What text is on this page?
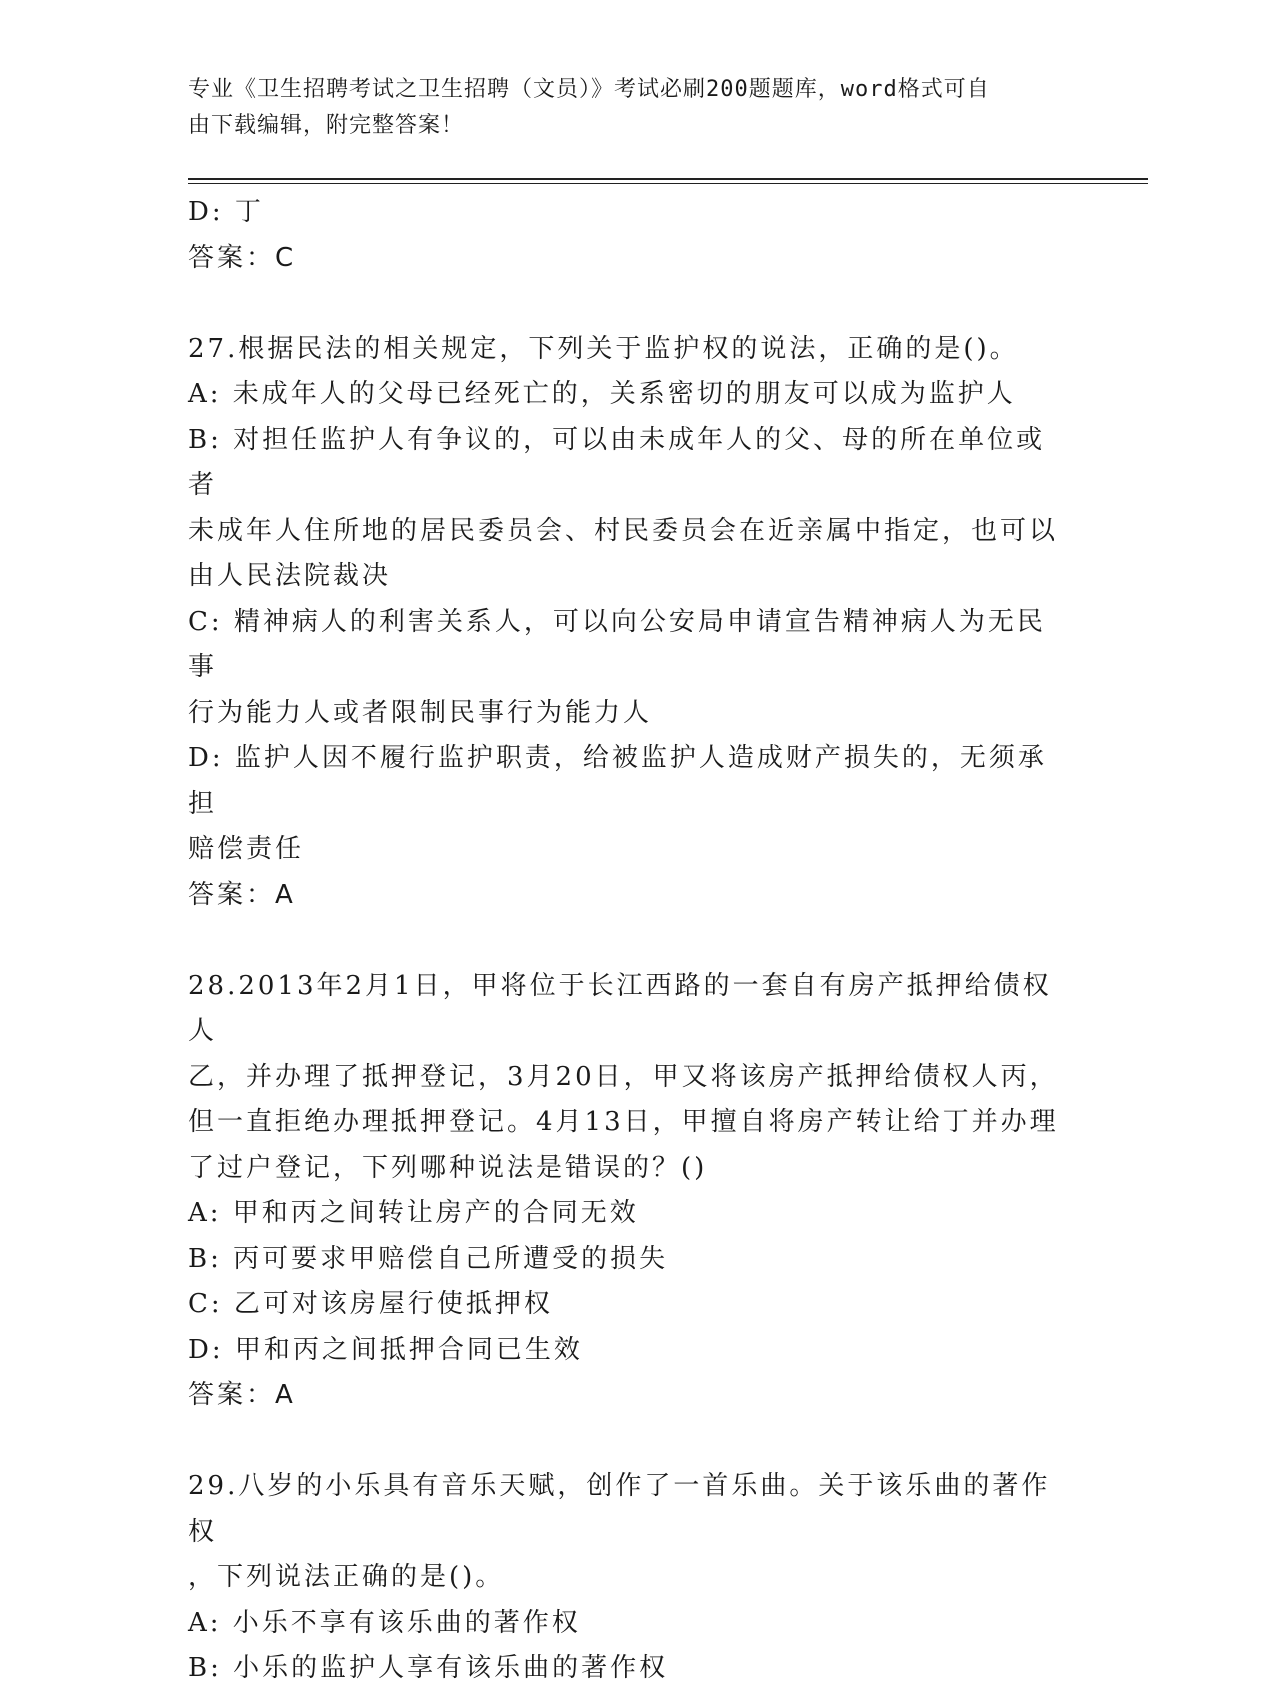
专业《卫生招聘考试之卫生招聘（文员）》考试必刷200题题库，word格式可自
由下载编辑，附完整答案！
D: 丁
答案：C
27.根据民法的相关规定，下列关于监护权的说法，正确的是()。
A: 未成年人的父母已经死亡的，关系密切的朋友可以成为监护人
B: 对担任监护人有争议的，可以由未成年人的父、母的所在单位或者
未成年人住所地的居民委员会、村民委员会在近亲属中指定，也可以
由人民法院裁决
C: 精神病人的利害关系人，可以向公安局申请宣告精神病人为无民事
行为能力人或者限制民事行为能力人
D: 监护人因不履行监护职责，给被监护人造成财产损失的，无须承担
赔偿责任
答案：A
28.2013年2月1日，甲将位于长江西路的一套自有房产抵押给债权人
乙，并办理了抵押登记，3月20日，甲又将该房产抵押给债权人丙，
但一直拒绝办理抵押登记。4月13日，甲擅自将房产转让给丁并办理
了过户登记，下列哪种说法是错误的？()
A: 甲和丙之间转让房产的合同无效
B: 丙可要求甲赔偿自己所遭受的损失
C: 乙可对该房屋行使抵押权
D: 甲和丙之间抵押合同已生效
答案：A
29.八岁的小乐具有音乐天赋，创作了一首乐曲。关于该乐曲的著作权
，下列说法正确的是()。
A: 小乐不享有该乐曲的著作权
B: 小乐的监护人享有该乐曲的著作权
